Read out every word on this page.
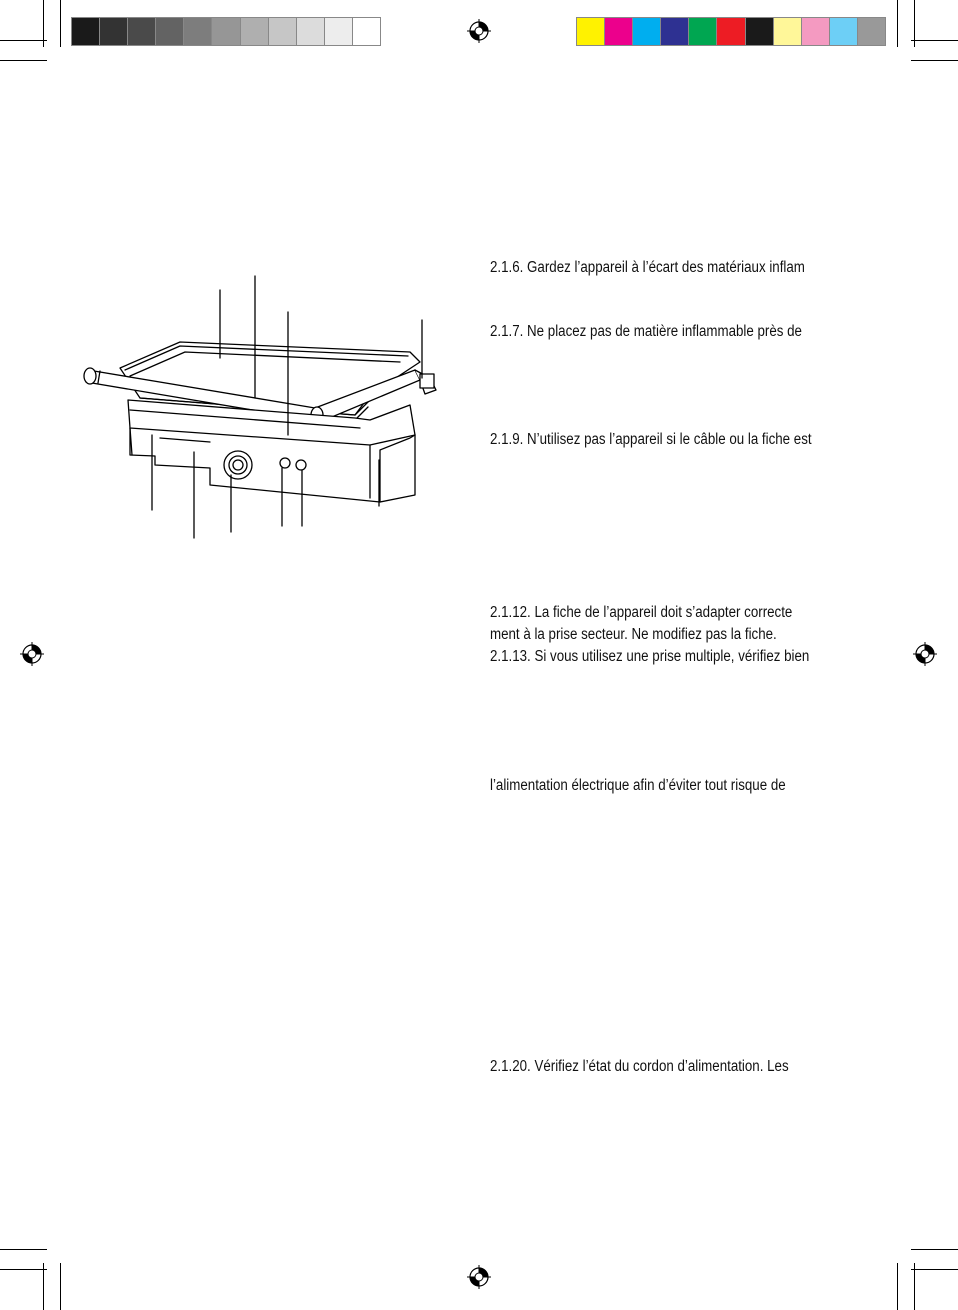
2.1.6. Gardez l’appareil à l’écart des matériaux inflam

2.1.7. Ne placez pas de matière inflammable près de

2.1.9. N’utilisez pas l’appareil si le câble ou la fiche est

2.1.12. La fiche de l’appareil doit s’adapter correcte

ment à la prise secteur. Ne modifiez pas la fiche.

2.1.13. Si vous utilisez une prise multiple, vérifiez bien

l’alimentation électrique afin d’éviter tout risque de

2.1.20. Vérifiez l’état du cordon d’alimentation. Les
